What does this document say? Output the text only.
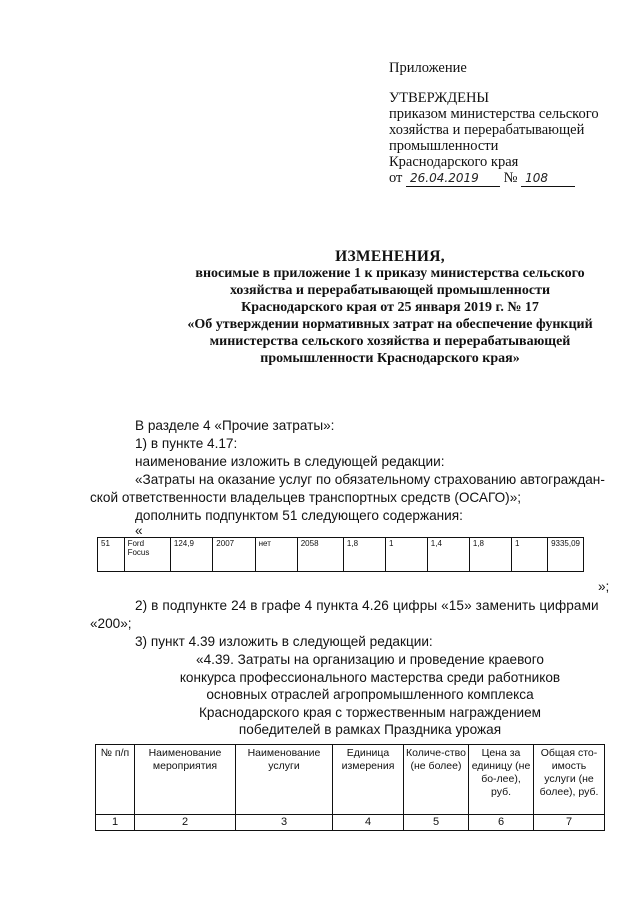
Приложение
УТВЕРЖДЕНЫ
приказом министерства сельского
хозяйства и перерабатывающей
промышленности
Краснодарского края
от 26.04.2019 № 108
ИЗМЕНЕНИЯ,
вносимые в приложение 1 к приказу министерства сельского
хозяйства и перерабатывающей промышленности
Краснодарского края от 25 января 2019 г. № 17
«Об утверждении нормативных затрат на обеспечение функций
министерства сельского хозяйства и перерабатывающей
промышленности Краснодарского края»
В разделе 4 «Прочие затраты»:
1) в пункте 4.17:
наименование изложить в следующей редакции:
«Затраты на оказание услуг по обязательному страхованию автограждан-
ской ответственности владельцев транспортных средств (ОСАГО)»;
дополнить подпунктом 51 следующего содержания:
«
51	Ford Focus	124,9	2007	нет	2058	1,8	1	1,4	1,8	1	9335,09
»;
2) в подпункте 24 в графе 4 пункта 4.26 цифры «15» заменить цифрами
«200»;
3) пункт 4.39 изложить в следующей редакции:
«4.39. Затраты на организацию и проведение краевого
конкурса профессионального мастерства среди работников
основных отраслей агропромышленного комплекса
Краснодарского края с торжественным награждением
победителей в рамках Праздника урожая
№ п/п	Наименование мероприятия	Наименование услуги	Единица измерения	Количе-ство (не более)	Цена за единицу (не бо-лее), руб.	Общая сто-имость услуги (не более), руб.
1	2	3	4	5	6	7
